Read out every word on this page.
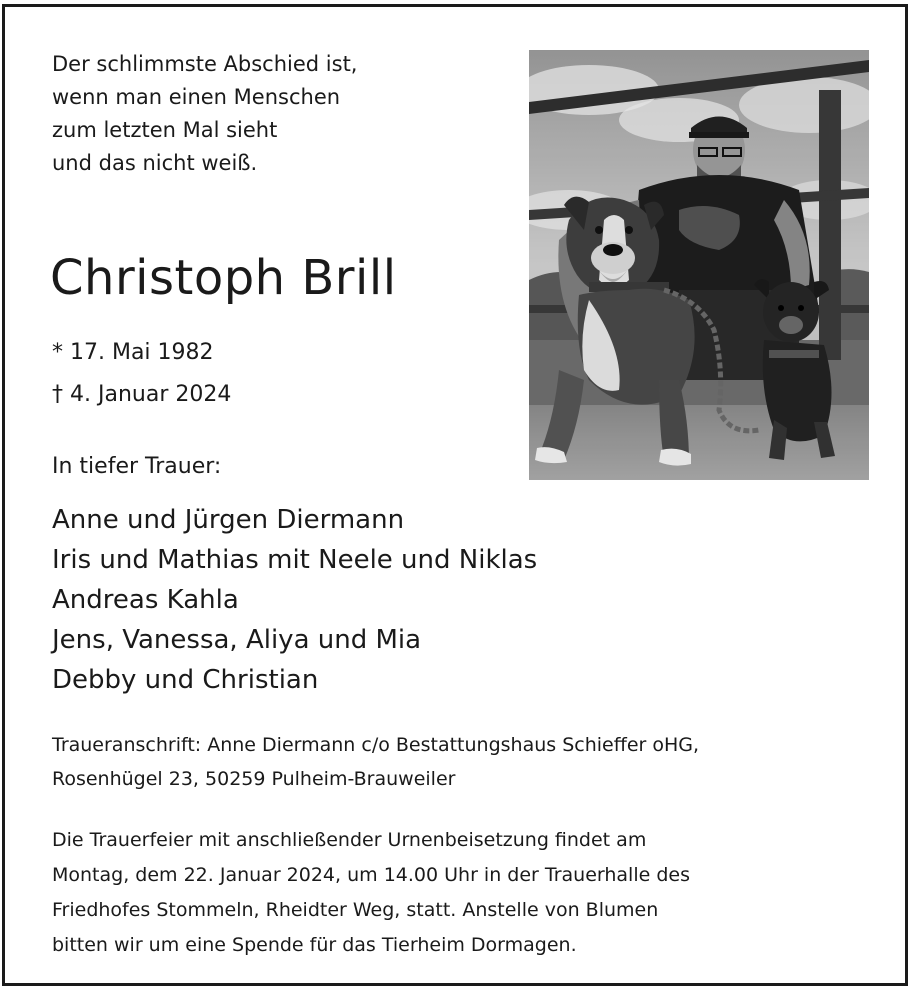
Der schlimmste Abschied ist,
wenn man einen Menschen
zum letzten Mal sieht
und das nicht weiß.
Christoph Brill
* 17. Mai 1982
† 4. Januar 2024
In tiefer Trauer:
Anne und Jürgen Diermann
Iris und Mathias mit Neele und Niklas
Andreas Kahla
Jens, Vanessa, Aliya und Mia
Debby und Christian
Traueranschrift: Anne Diermann c/o Bestattungshaus Schieffer oHG,
Rosenhügel 23, 50259 Pulheim-Brauweiler
Die Trauerfeier mit anschließender Urnenbeisetzung findet am
Montag, dem 22. Januar 2024, um 14.00 Uhr in der Trauerhalle des
Friedhofes Stommeln, Rheidter Weg, statt. Anstelle von Blumen
bitten wir um eine Spende für das Tierheim Dormagen.
